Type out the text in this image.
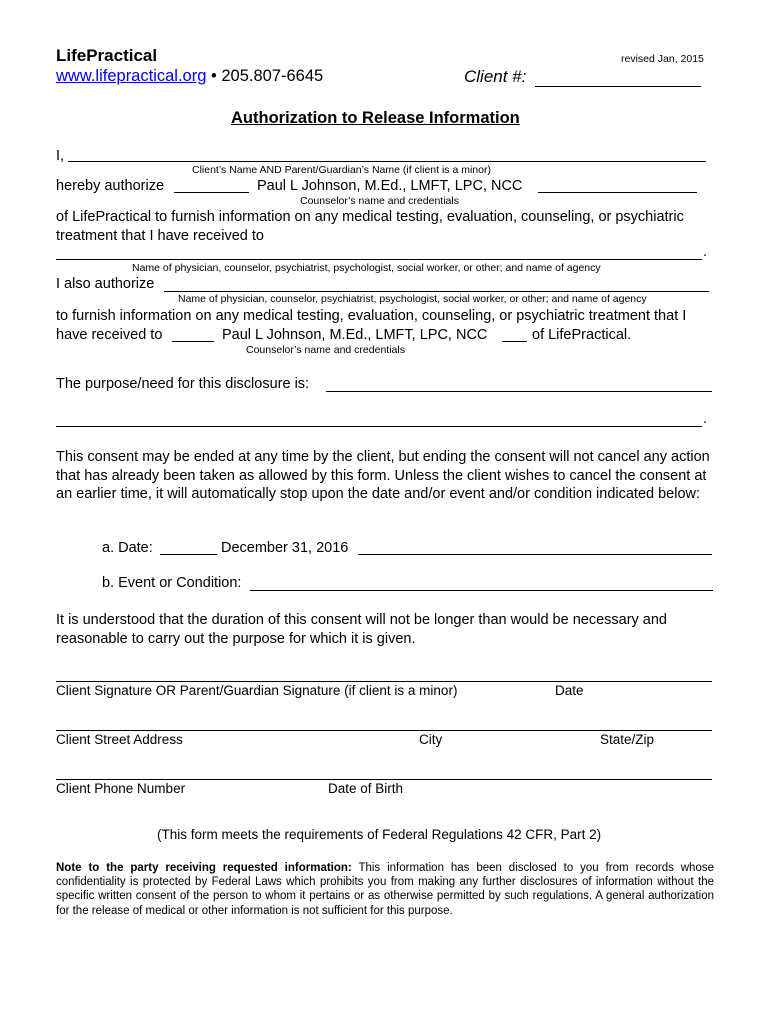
LifePractical	revised Jan, 2015
www.lifepractical.org • 205.807-6645	Client #:
Authorization to Release Information
I,
Client’s Name AND Parent/Guardian’s Name (if client is a minor)
hereby authorize	Paul L Johnson, M.Ed., LMFT, LPC, NCC
Counselor’s name and credentials
of LifePractical to furnish information on any medical testing, evaluation, counseling, or psychiatric treatment that I have received to
.
Name of physician, counselor, psychiatrist, psychologist, social worker, or other; and name of agency
I also authorize
Name of physician, counselor, psychiatrist, psychologist, social worker, or other; and name of agency
to furnish information on any medical testing, evaluation, counseling, or psychiatric treatment that I
have received to	Paul L Johnson, M.Ed., LMFT, LPC, NCC	of LifePractical.
Counselor’s name and credentials
The purpose/need for this disclosure is:
.
This consent may be ended at any time by the client, but ending the consent will not cancel any action that has already been taken as allowed by this form. Unless the client wishes to cancel the consent at an earlier time, it will automatically stop upon the date and/or event and/or condition indicated below:
a. Date:	December 31, 2016
b. Event or Condition:
It is understood that the duration of this consent will not be longer than would be necessary and reasonable to carry out the purpose for which it is given.
Client Signature OR Parent/Guardian Signature (if client is a minor)	Date
Client Street Address	City	State/Zip
Client Phone Number	Date of Birth
(This form meets the requirements of Federal Regulations 42 CFR, Part 2)
Note to the party receiving requested information: This information has been disclosed to you from records whose confidentiality is protected by Federal Laws which prohibits you from making any further disclosures of information without the specific written consent of the person to whom it pertains or as otherwise permitted by such regulations. A general authorization for the release of medical or other information is not sufficient for this purpose.
